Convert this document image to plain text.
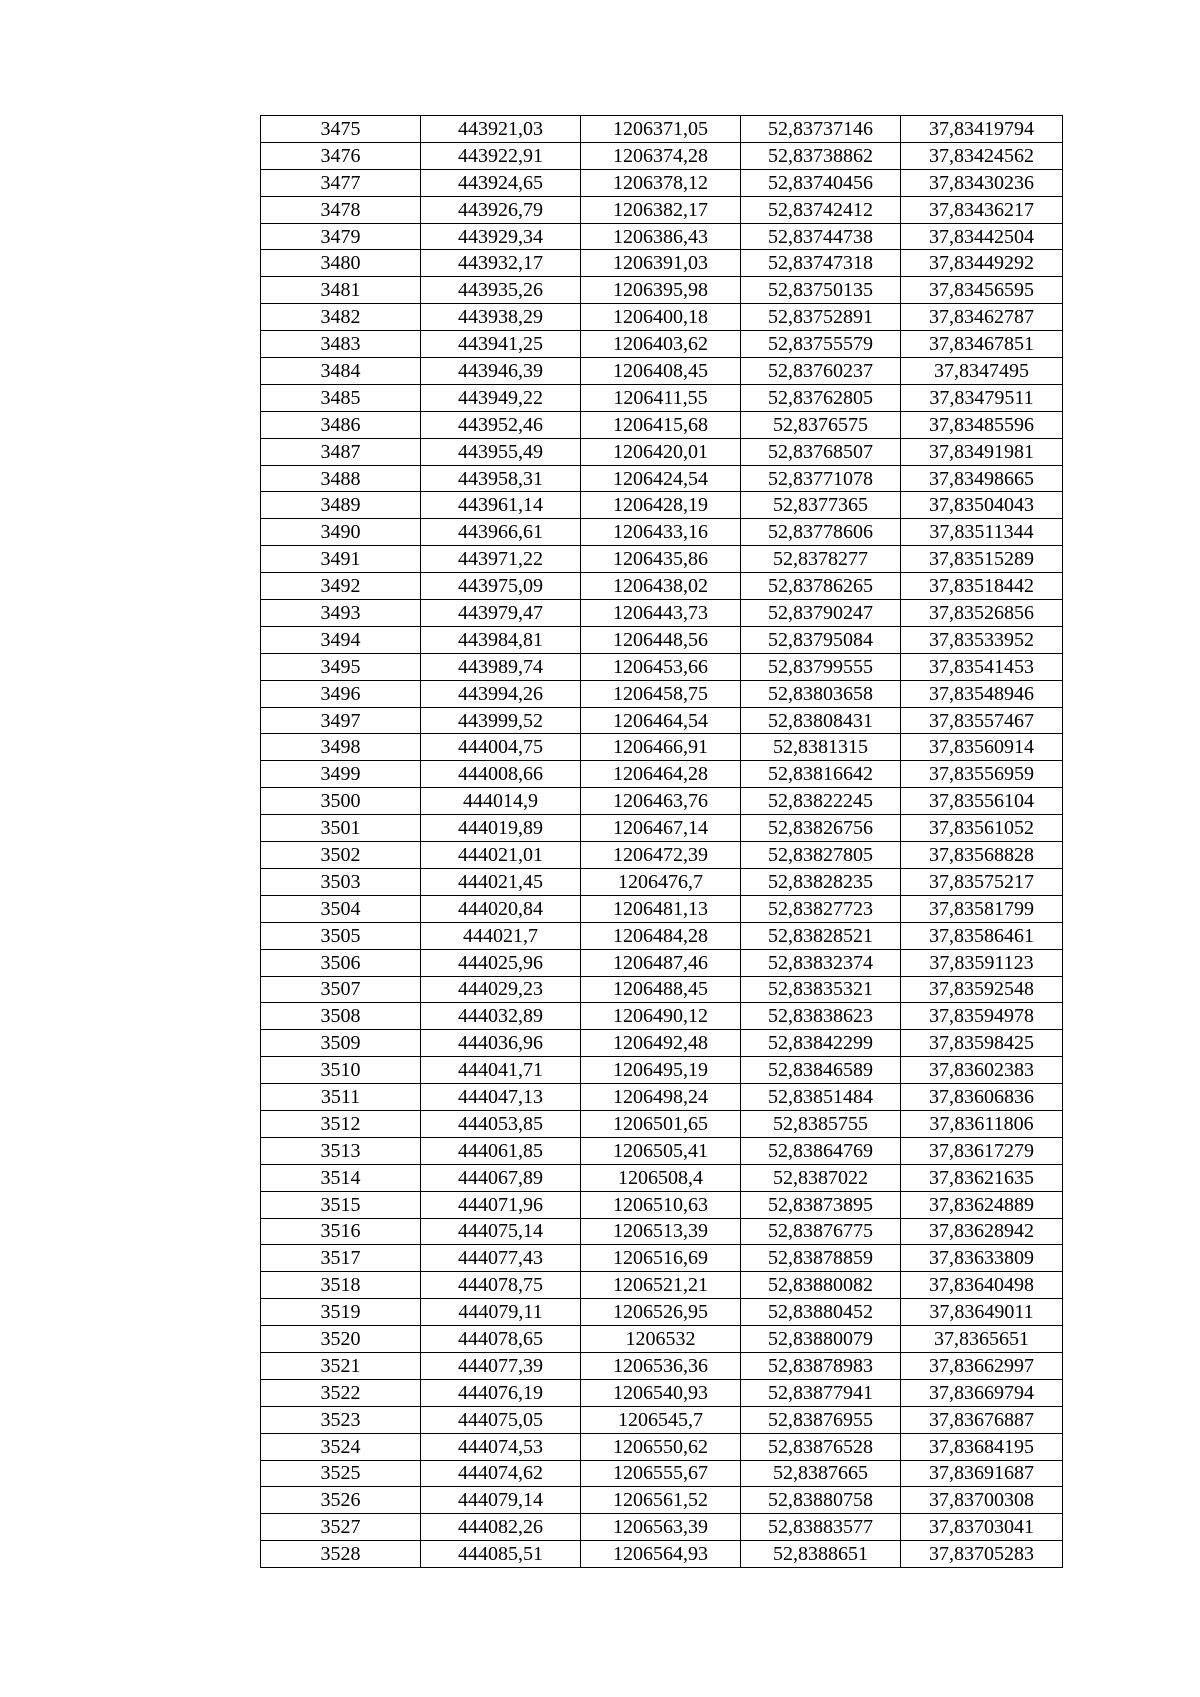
3475	443921,03	1206371,05	52,83737146	37,83419794
3476	443922,91	1206374,28	52,83738862	37,83424562
3477	443924,65	1206378,12	52,83740456	37,83430236
3478	443926,79	1206382,17	52,83742412	37,83436217
3479	443929,34	1206386,43	52,83744738	37,83442504
3480	443932,17	1206391,03	52,83747318	37,83449292
3481	443935,26	1206395,98	52,83750135	37,83456595
3482	443938,29	1206400,18	52,83752891	37,83462787
3483	443941,25	1206403,62	52,83755579	37,83467851
3484	443946,39	1206408,45	52,83760237	37,8347495
3485	443949,22	1206411,55	52,83762805	37,83479511
3486	443952,46	1206415,68	52,8376575	37,83485596
3487	443955,49	1206420,01	52,83768507	37,83491981
3488	443958,31	1206424,54	52,83771078	37,83498665
3489	443961,14	1206428,19	52,8377365	37,83504043
3490	443966,61	1206433,16	52,83778606	37,83511344
3491	443971,22	1206435,86	52,8378277	37,83515289
3492	443975,09	1206438,02	52,83786265	37,83518442
3493	443979,47	1206443,73	52,83790247	37,83526856
3494	443984,81	1206448,56	52,83795084	37,83533952
3495	443989,74	1206453,66	52,83799555	37,83541453
3496	443994,26	1206458,75	52,83803658	37,83548946
3497	443999,52	1206464,54	52,83808431	37,83557467
3498	444004,75	1206466,91	52,8381315	37,83560914
3499	444008,66	1206464,28	52,83816642	37,83556959
3500	444014,9	1206463,76	52,83822245	37,83556104
3501	444019,89	1206467,14	52,83826756	37,83561052
3502	444021,01	1206472,39	52,83827805	37,83568828
3503	444021,45	1206476,7	52,83828235	37,83575217
3504	444020,84	1206481,13	52,83827723	37,83581799
3505	444021,7	1206484,28	52,83828521	37,83586461
3506	444025,96	1206487,46	52,83832374	37,83591123
3507	444029,23	1206488,45	52,83835321	37,83592548
3508	444032,89	1206490,12	52,83838623	37,83594978
3509	444036,96	1206492,48	52,83842299	37,83598425
3510	444041,71	1206495,19	52,83846589	37,83602383
3511	444047,13	1206498,24	52,83851484	37,83606836
3512	444053,85	1206501,65	52,8385755	37,83611806
3513	444061,85	1206505,41	52,83864769	37,83617279
3514	444067,89	1206508,4	52,8387022	37,83621635
3515	444071,96	1206510,63	52,83873895	37,83624889
3516	444075,14	1206513,39	52,83876775	37,83628942
3517	444077,43	1206516,69	52,83878859	37,83633809
3518	444078,75	1206521,21	52,83880082	37,83640498
3519	444079,11	1206526,95	52,83880452	37,83649011
3520	444078,65	1206532	52,83880079	37,8365651
3521	444077,39	1206536,36	52,83878983	37,83662997
3522	444076,19	1206540,93	52,83877941	37,83669794
3523	444075,05	1206545,7	52,83876955	37,83676887
3524	444074,53	1206550,62	52,83876528	37,83684195
3525	444074,62	1206555,67	52,8387665	37,83691687
3526	444079,14	1206561,52	52,83880758	37,83700308
3527	444082,26	1206563,39	52,83883577	37,83703041
3528	444085,51	1206564,93	52,8388651	37,83705283
